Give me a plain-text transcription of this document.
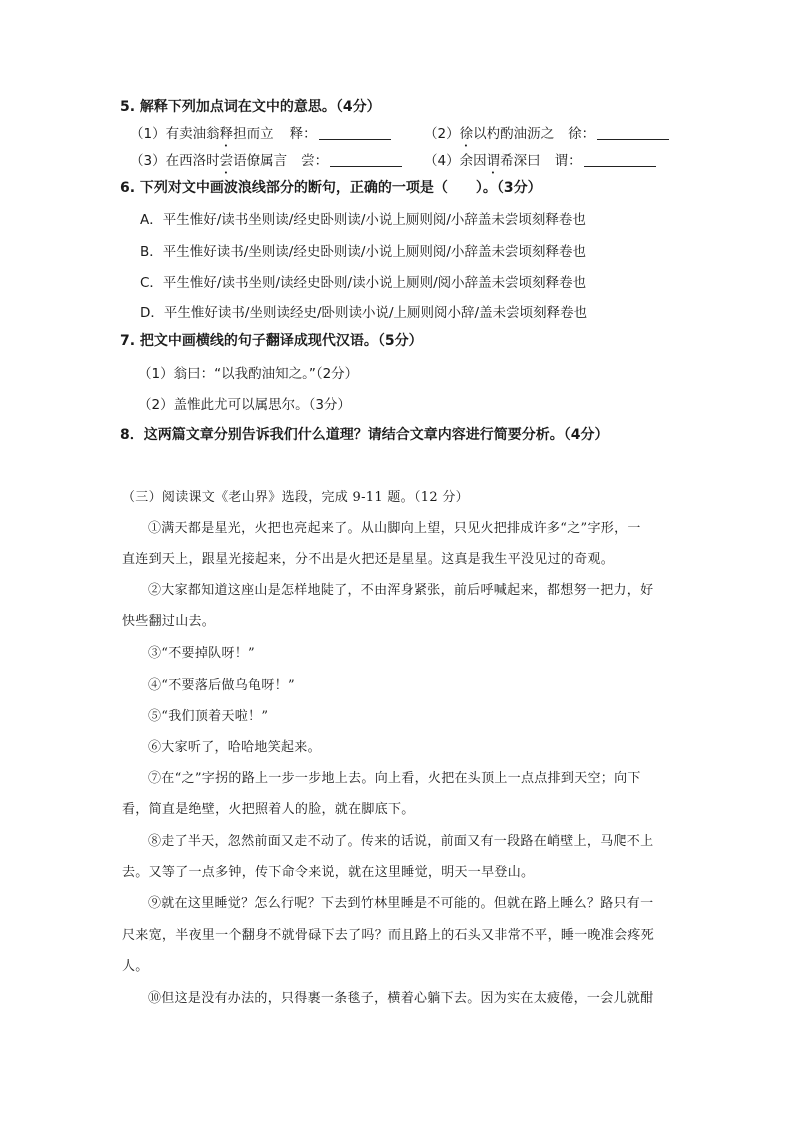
5. 解释下列加点词在文中的意思。（4分）
（1）有卖油翁释担而立 释：	（2）徐以杓酌油沥之 徐：
（3）在西洛时尝语僚属言 尝：	（4）余因谓希深曰 谓：
6. 下列对文中画波浪线部分的断句，正确的一项是（　　）。（3分）
A．平生惟好/读书坐则读/经史卧则读/小说上厕则阅/小辞盖未尝顷刻释卷也
B．平生惟好读书/坐则读/经史卧则读/小说上厕则阅/小辞盖未尝顷刻释卷也
C．平生惟好/读书坐则/读经史卧则/读小说上厕则/阅小辞盖未尝顷刻释卷也
D．平生惟好读书/坐则读经史/卧则读小说/上厕则阅小辞/盖未尝顷刻释卷也
7. 把文中画横线的句子翻译成现代汉语。（5分）
（1）翁曰：“以我酌油知之。”（2分）
（2）盖惟此尤可以属思尔。（3分）
8．这两篇文章分别告诉我们什么道理？请结合文章内容进行简要分析。（4分）
（三）阅读课文《老山界》选段，完成 9-11 题。（12 分）
①满天都是星光，火把也亮起来了。从山脚向上望，只见火把排成许多“之”字形，一
直连到天上，跟星光接起来，分不出是火把还是星星。这真是我生平没见过的奇观。
②大家都知道这座山是怎样地陡了，不由浑身紧张，前后呼喊起来，都想努一把力，好
快些翻过山去。
③“不要掉队呀！”
④“不要落后做乌龟呀！”
⑤“我们顶着天啦！”
⑥大家听了，哈哈地笑起来。
⑦在“之”字拐的路上一步一步地上去。向上看，火把在头顶上一点点排到天空；向下
看，简直是绝壁，火把照着人的脸，就在脚底下。
⑧走了半天，忽然前面又走不动了。传来的话说，前面又有一段路在峭壁上，马爬不上
去。又等了一点多钟，传下命令来说，就在这里睡觉，明天一早登山。
⑨就在这里睡觉？怎么行呢？下去到竹林里睡是不可能的。但就在路上睡么？路只有一
尺来宽，半夜里一个翻身不就骨碌下去了吗？而且路上的石头又非常不平，睡一晚准会疼死
人。
⑩但这是没有办法的，只得裹一条毯子，横着心躺下去。因为实在太疲倦，一会儿就酣
